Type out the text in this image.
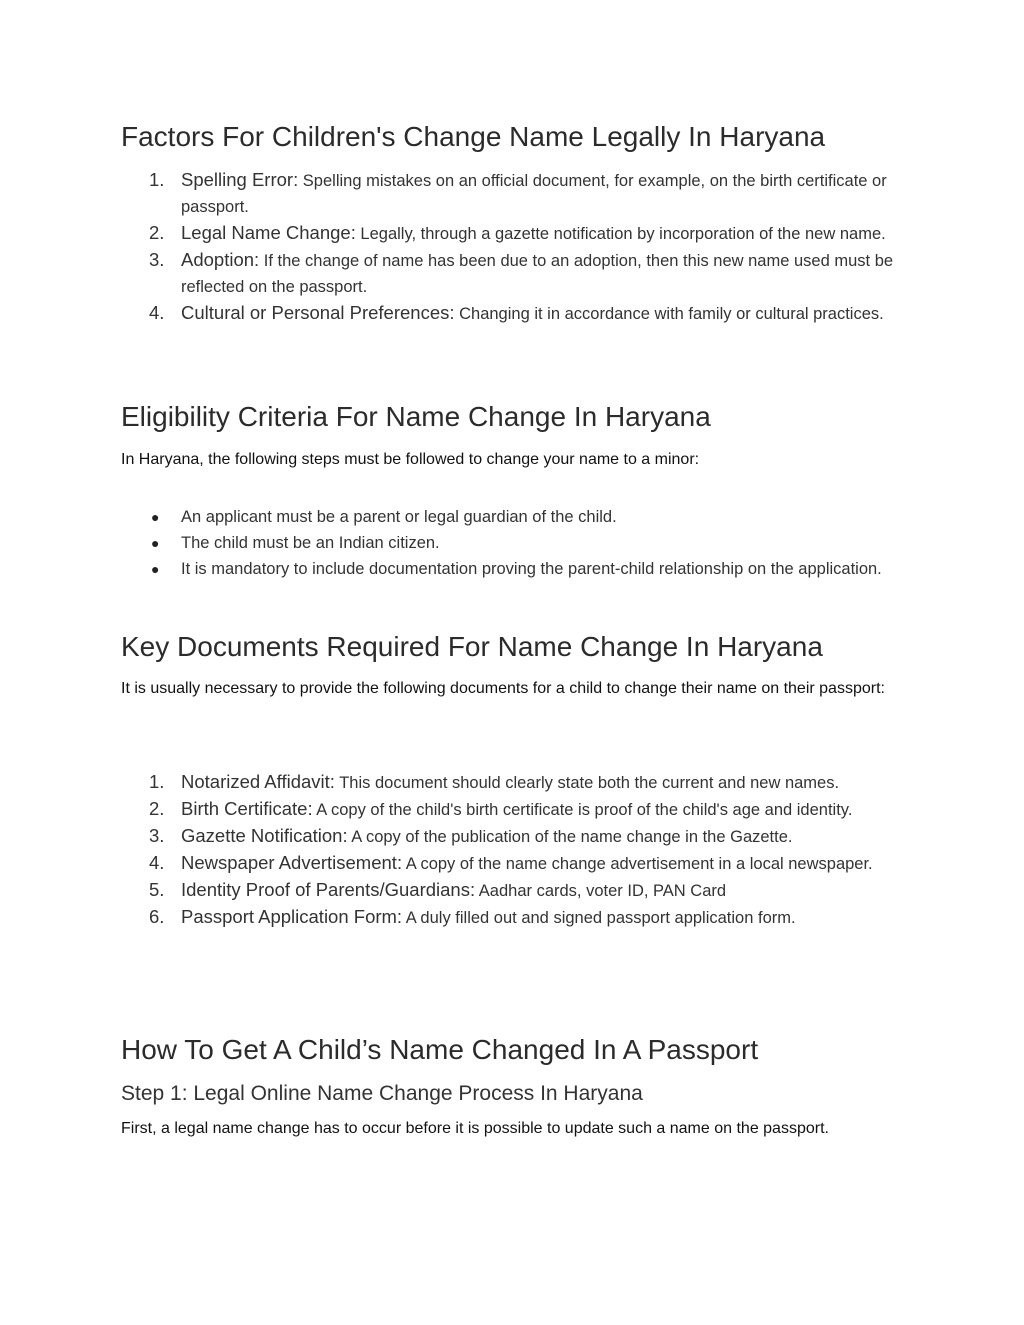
Factors For Children's Change Name Legally In Haryana
1. Spelling Error: Spelling mistakes on an official document, for example, on the birth certificate or passport.
2. Legal Name Change: Legally, through a gazette notification by incorporation of the new name.
3. Adoption: If the change of name has been due to an adoption, then this new name used must be reflected on the passport.
4. Cultural or Personal Preferences: Changing it in accordance with family or cultural practices.
Eligibility Criteria For Name Change In Haryana

In Haryana, the following steps must be followed to change your name to a minor:

● An applicant must be a parent or legal guardian of the child.
● The child must be an Indian citizen.
● It is mandatory to include documentation proving the parent-child relationship on the application.
Key Documents Required For Name Change In Haryana

It is usually necessary to provide the following documents for a child to change their name on their passport:

1. Notarized Affidavit: This document should clearly state both the current and new names.
2. Birth Certificate: A copy of the child's birth certificate is proof of the child's age and identity.
3. Gazette Notification: A copy of the publication of the name change in the Gazette.
4. Newspaper Advertisement: A copy of the name change advertisement in a local newspaper.
5. Identity Proof of Parents/Guardians: Aadhar cards, voter ID, PAN Card
6. Passport Application Form: A duly filled out and signed passport application form.
How To Get A Child’s Name Changed In A Passport
Step 1: Legal Online Name Change Process In Haryana

First, a legal name change has to occur before it is possible to update such a name on the passport.
